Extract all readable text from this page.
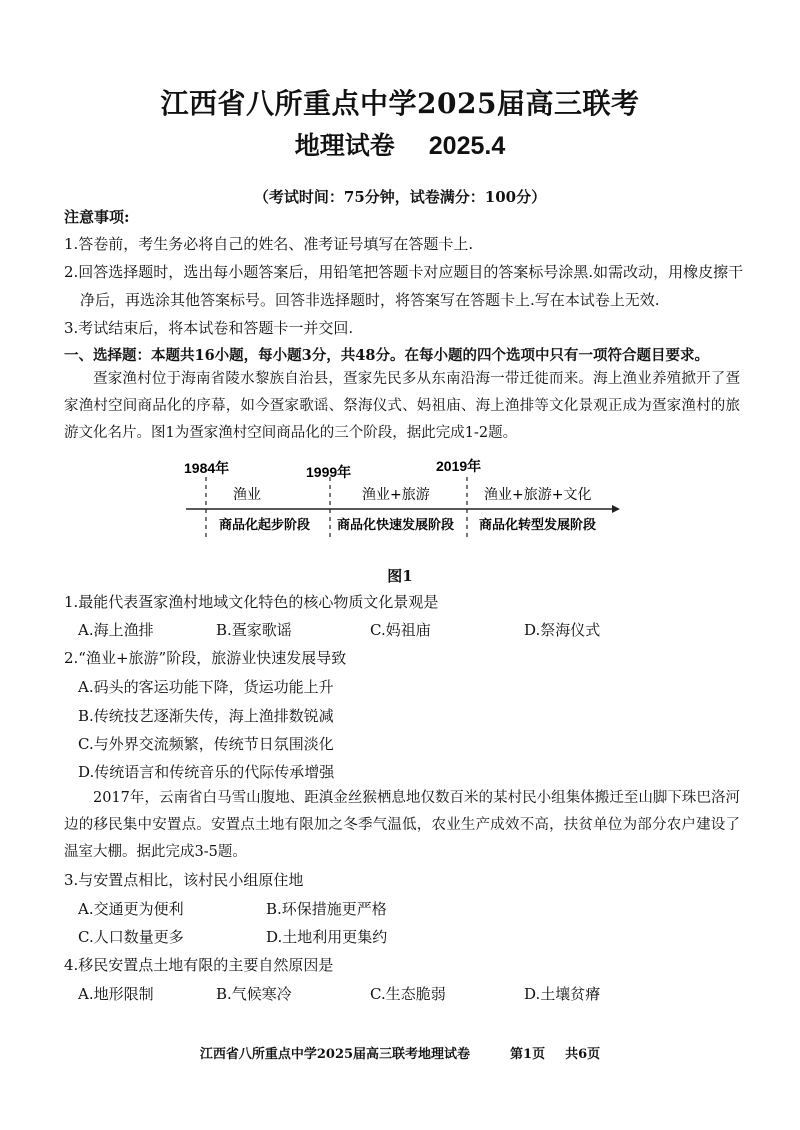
江西省八所重点中学2025届高三联考
地理试卷 2025.4
（考试时间：75分钟，试卷满分：100分）
注意事项:
1.答卷前，考生务必将自己的姓名、准考证号填写在答题卡上.
2.回答选择题时，选出每小题答案后，用铅笔把答题卡对应题目的答案标号涂黑.如需改动，用橡皮擦干
净后，再选涂其他答案标号。回答非选择题时，将答案写在答题卡上.写在本试卷上无效.
3.考试结束后，将本试卷和答题卡一并交回.
一、选择题：本题共16小题，每小题3分，共48分。在每小题的四个选项中只有一项符合题目要求。
疍家渔村位于海南省陵水黎族自治县，疍家先民多从东南沿海一带迁徙而来。海上渔业养殖掀开了疍家渔村空间商品化的序幕，如今疍家歌谣、祭海仪式、妈祖庙、海上渔排等文化景观正成为疍家渔村的旅游文化名片。图1为疍家渔村空间商品化的三个阶段，据此完成1-2题。
1984年	1999年	2019年
渔业	渔业+旅游	渔业+旅游+文化
商品化起步阶段 商品化快速发展阶段 商品化转型发展阶段
图1
1.最能代表疍家渔村地域文化特色的核心物质文化景观是
A.海上渔排	B.疍家歌谣	C.妈祖庙	D.祭海仪式
2.“渔业+旅游”阶段，旅游业快速发展导致
A.码头的客运功能下降，货运功能上升
B.传统技艺逐渐失传，海上渔排数锐减
C.与外界交流频繁，传统节日氛围淡化
D.传统语言和传统音乐的代际传承增强
2017年，云南省白马雪山腹地、距滇金丝猴栖息地仅数百米的某村民小组集体搬迁至山脚下珠巴洛河边的移民集中安置点。安置点土地有限加之冬季气温低，农业生产成效不高，扶贫单位为部分农户建设了温室大棚。据此完成3-5题。
3.与安置点相比，该村民小组原住地
A.交通更为便利	B.环保措施更严格
C.人口数量更多	D.土地利用更集约
4.移民安置点土地有限的主要自然原因是
A.地形限制	B.气候寒冷	C.生态脆弱	D.土壤贫瘠
江西省八所重点中学2025届高三联考地理试卷	第1页 共6页
